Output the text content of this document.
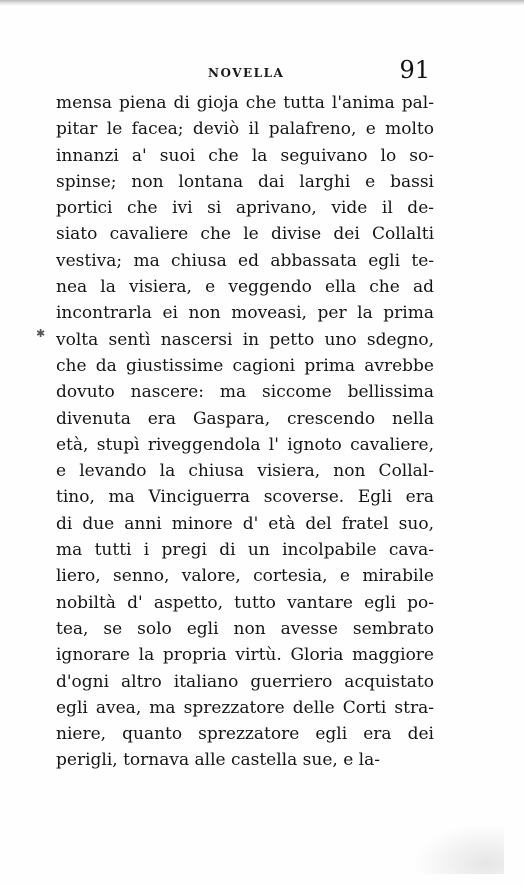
NOVELLA	91
✱
mensa piena di gioja che tutta l'anima pal-
pitar le facea; deviò il palafreno, e molto
innanzi a' suoi che la seguivano lo so-
spinse; non lontana dai larghi e bassi
portici che ivi si aprivano, vide il de-
siato cavaliere che le divise dei Collalti
vestiva; ma chiusa ed abbassata egli te-
nea la visiera, e veggendo ella che ad
incontrarla ei non moveasi, per la prima
volta sentì nascersi in petto uno sdegno,
che da giustissime cagioni prima avrebbe
dovuto nascere: ma siccome bellissima
divenuta era Gaspara, crescendo nella
età, stupì riveggendola l' ignoto cavaliere,
e levando la chiusa visiera, non Collal-
tino, ma Vinciguerra scoverse. Egli era
di due anni minore d' età del fratel suo,
ma tutti i pregi di un incolpabile cava-
liero, senno, valore, cortesia, e mirabile
nobiltà d' aspetto, tutto vantare egli po-
tea, se solo egli non avesse sembrato
ignorare la propria virtù. Gloria maggiore
d'ogni altro italiano guerriero acquistato
egli avea, ma sprezzatore delle Corti stra-
niere, quanto sprezzatore egli era dei
perigli, tornava alle castella sue, e la-
